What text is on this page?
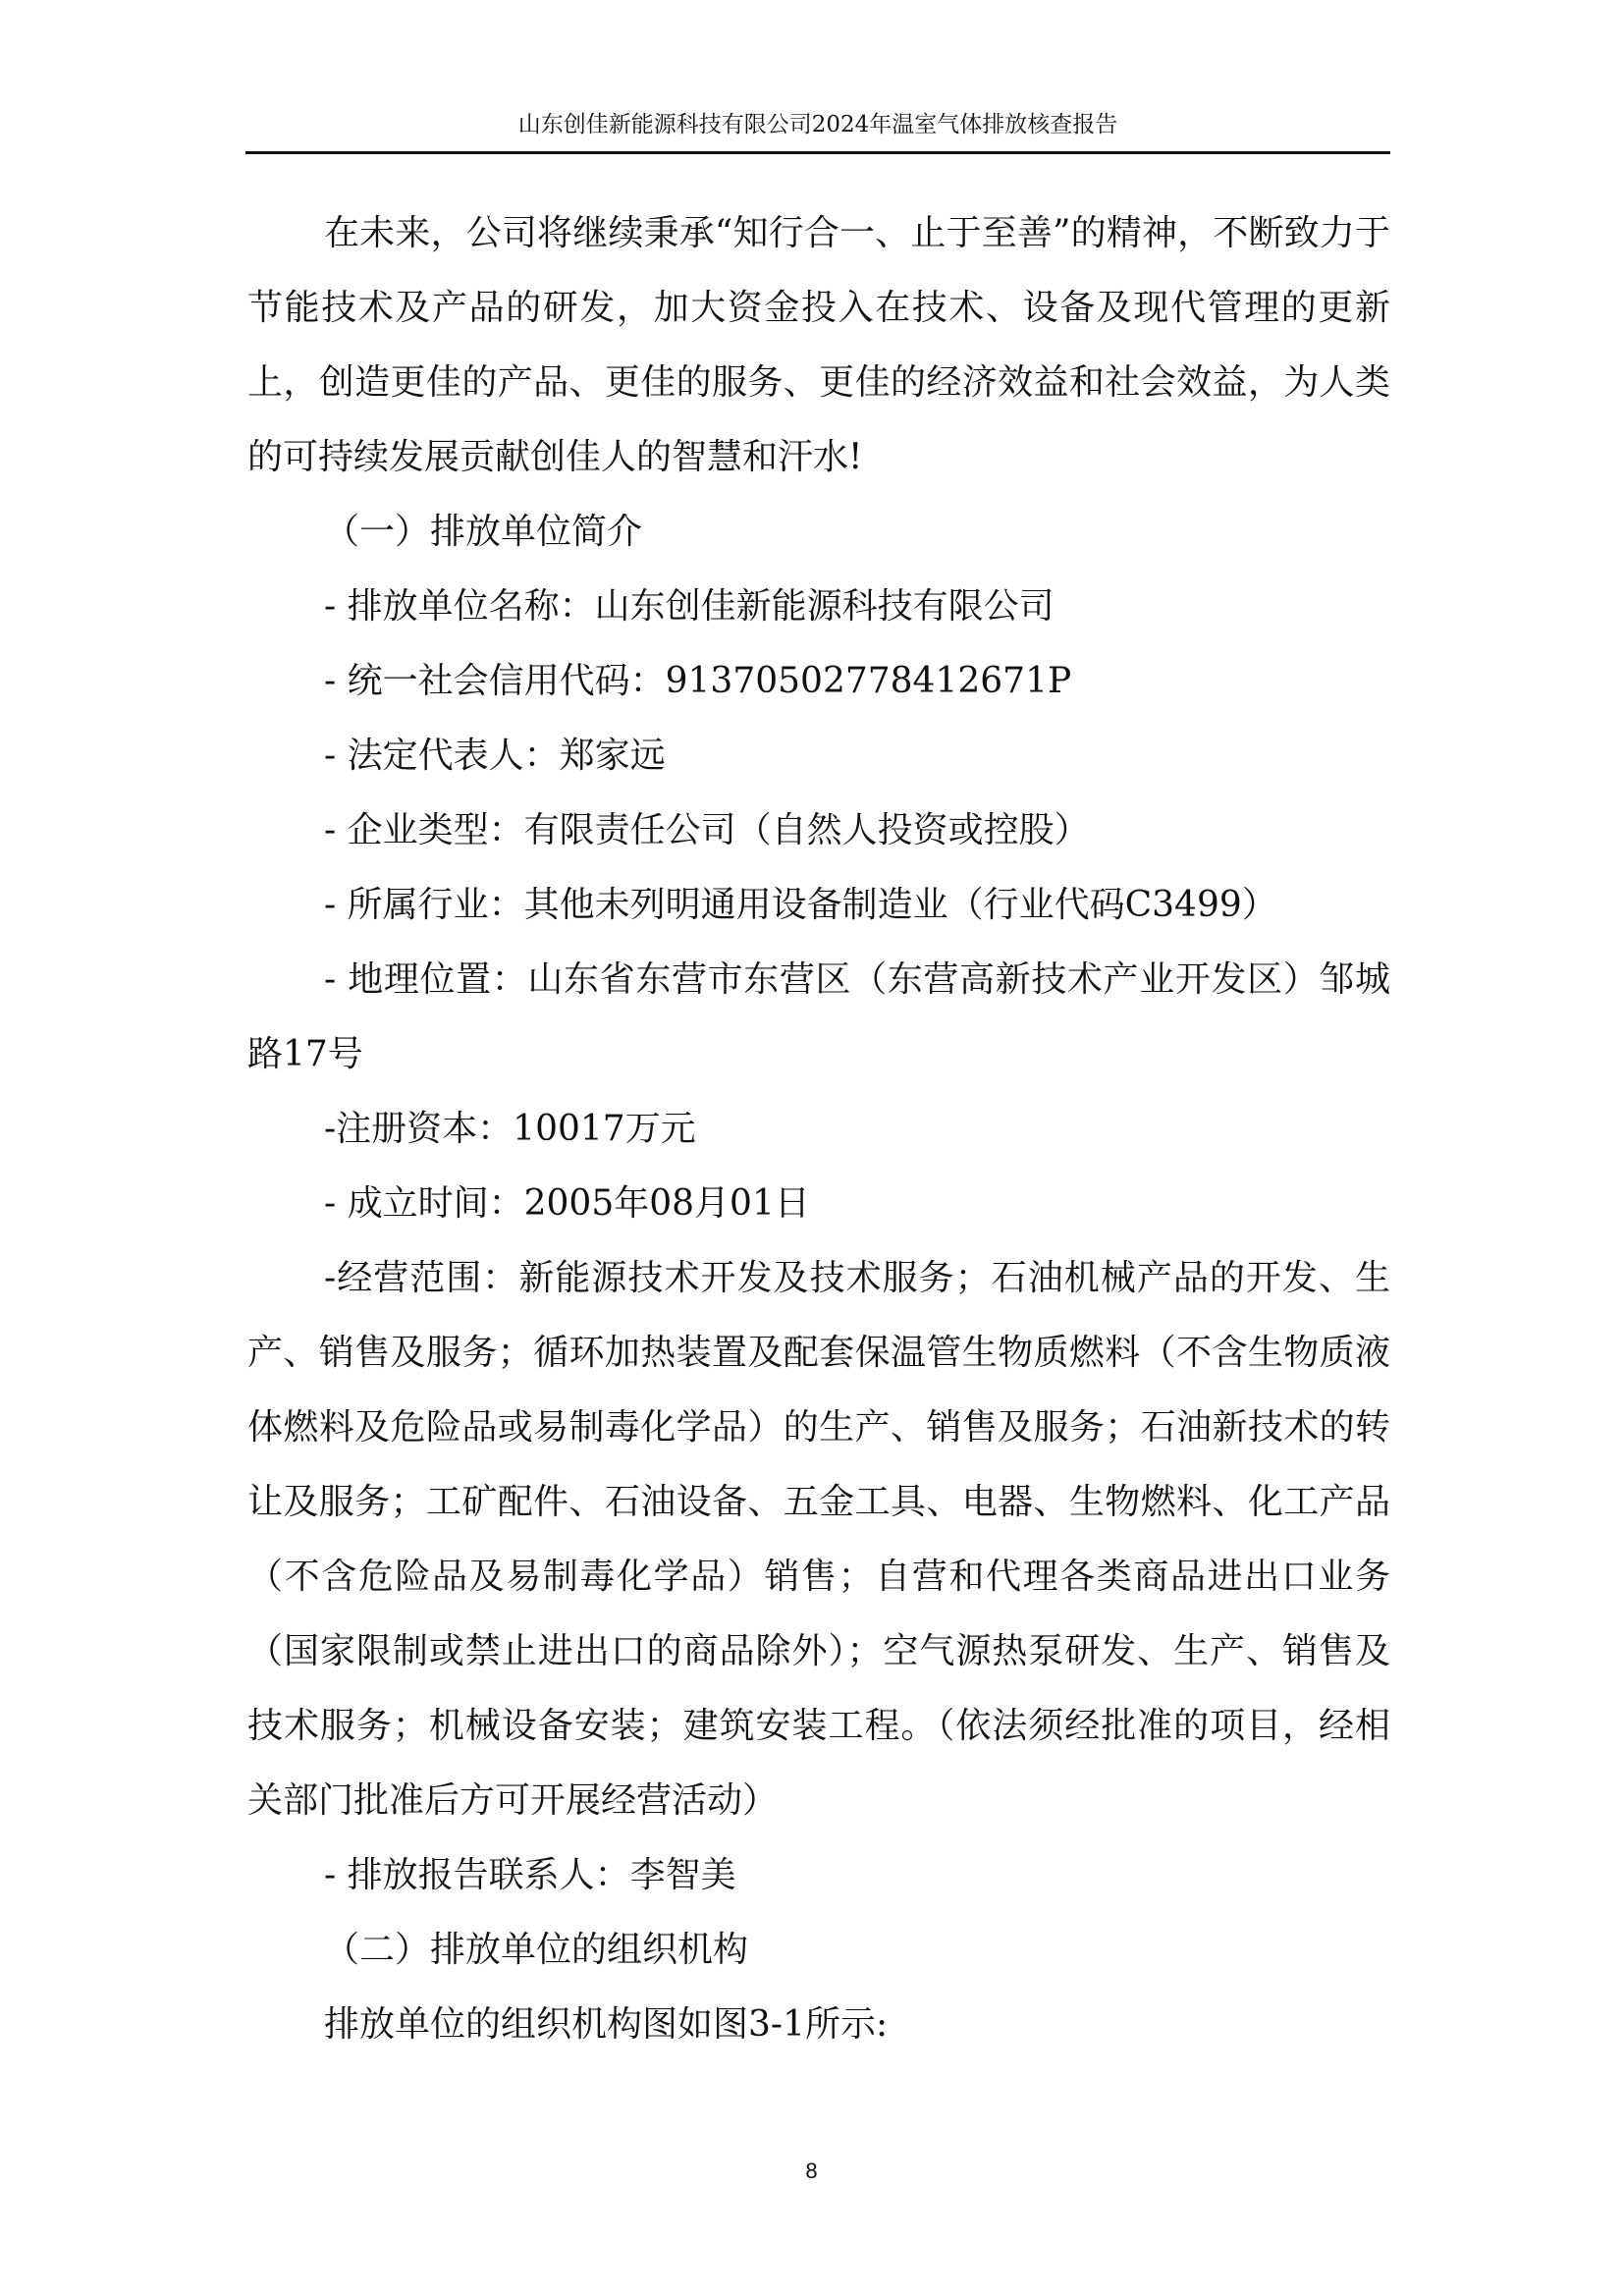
山东创佳新能源科技有限公司2024年温室气体排放核查报告

在未来，公司将继续秉承“知行合一、止于至善”的精神，不断致力于节能技术及产品的研发，加大资金投入在技术、设备及现代管理的更新上，创造更佳的产品、更佳的服务、更佳的经济效益和社会效益，为人类的可持续发展贡献创佳人的智慧和汗水!

（一）排放单位简介

- 排放单位名称：山东创佳新能源科技有限公司

- 统一社会信用代码：91370502778412671P

- 法定代表人：郑家远

- 企业类型：有限责任公司（自然人投资或控股）

- 所属行业：其他未列明通用设备制造业（行业代码C3499）

- 地理位置：山东省东营市东营区（东营高新技术产业开发区）邹城路17号

-注册资本：10017万元

- 成立时间：2005年08月01日

-经营范围：新能源技术开发及技术服务；石油机械产品的开发、生产、销售及服务；循环加热装置及配套保温管生物质燃料（不含生物质液体燃料及危险品或易制毒化学品）的生产、销售及服务；石油新技术的转让及服务；工矿配件、石油设备、五金工具、电器、生物燃料、化工产品（不含危险品及易制毒化学品）销售；自营和代理各类商品进出口业务（国家限制或禁止进出口的商品除外）；空气源热泵研发、生产、销售及技术服务；机械设备安装；建筑安装工程。（依法须经批准的项目，经相关部门批准后方可开展经营活动）

- 排放报告联系人：李智美

（二）排放单位的组织机构

排放单位的组织机构图如图3-1所示:

8
